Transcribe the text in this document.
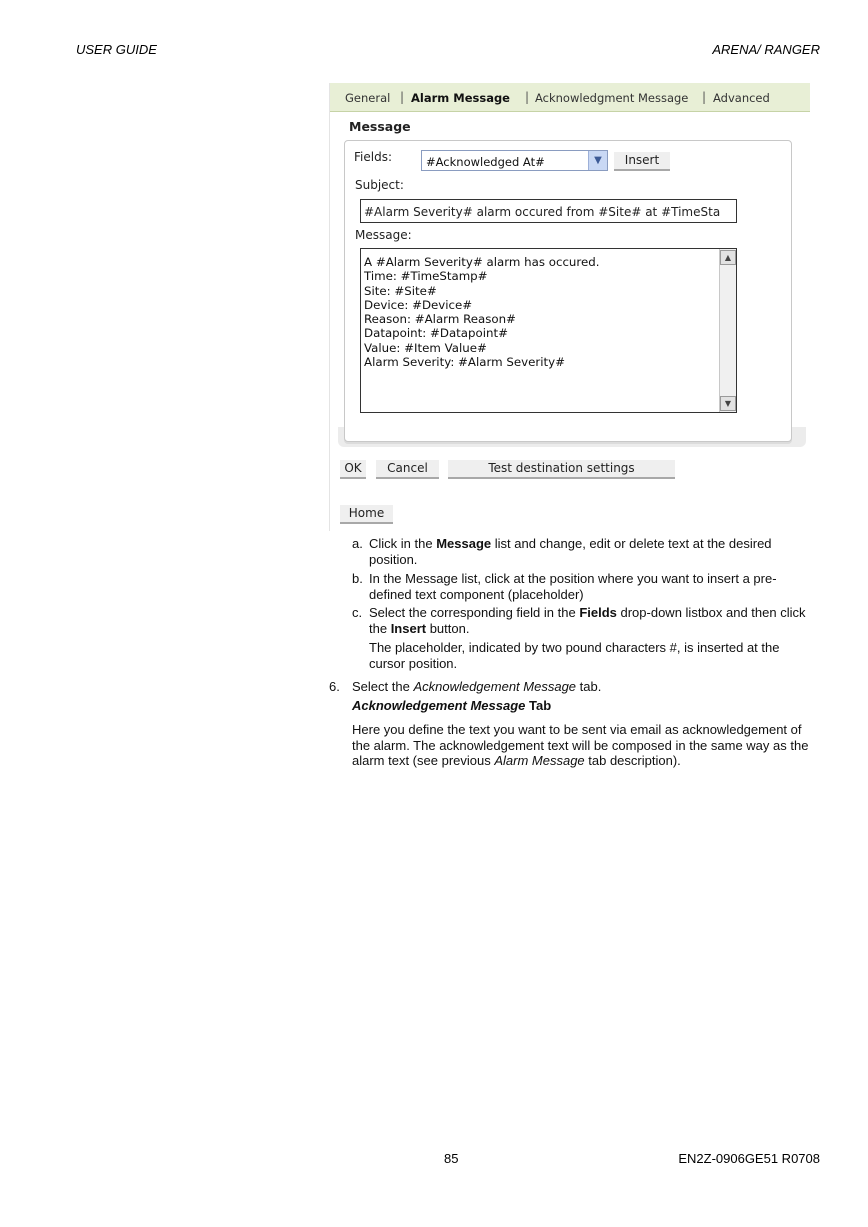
USER GUIDE	ARENA/ RANGER
General | Alarm Message | Acknowledgment Message | Advanced
Message
Fields:	#Acknowledged At#	▼	Insert
Subject:
#Alarm Severity# alarm occured from #Site# at #TimeSta
Message:
A #Alarm Severity# alarm has occured.
Time: #TimeStamp#
Site: #Site#
Device: #Device#
Reason: #Alarm Reason#
Datapoint: #Datapoint#
Value: #Item Value#
Alarm Severity: #Alarm Severity#
▲
▼
OK	Cancel	Test destination settings
Home
a. Click in the Message list and change, edit or delete text at the desired
position.
b. In the Message list, click at the position where you want to insert a pre-
defined text component (placeholder)
c. Select the corresponding field in the Fields drop-down listbox and then click
the Insert button.
The placeholder, indicated by two pound characters #, is inserted at the
cursor position.
6. Select the Acknowledgement Message tab.
Acknowledgement Message Tab
Here you define the text you want to be sent via email as acknowledgement of
the alarm. The acknowledgement text will be composed in the same way as the
alarm text (see previous Alarm Message tab description).
85	EN2Z-0906GE51 R0708
